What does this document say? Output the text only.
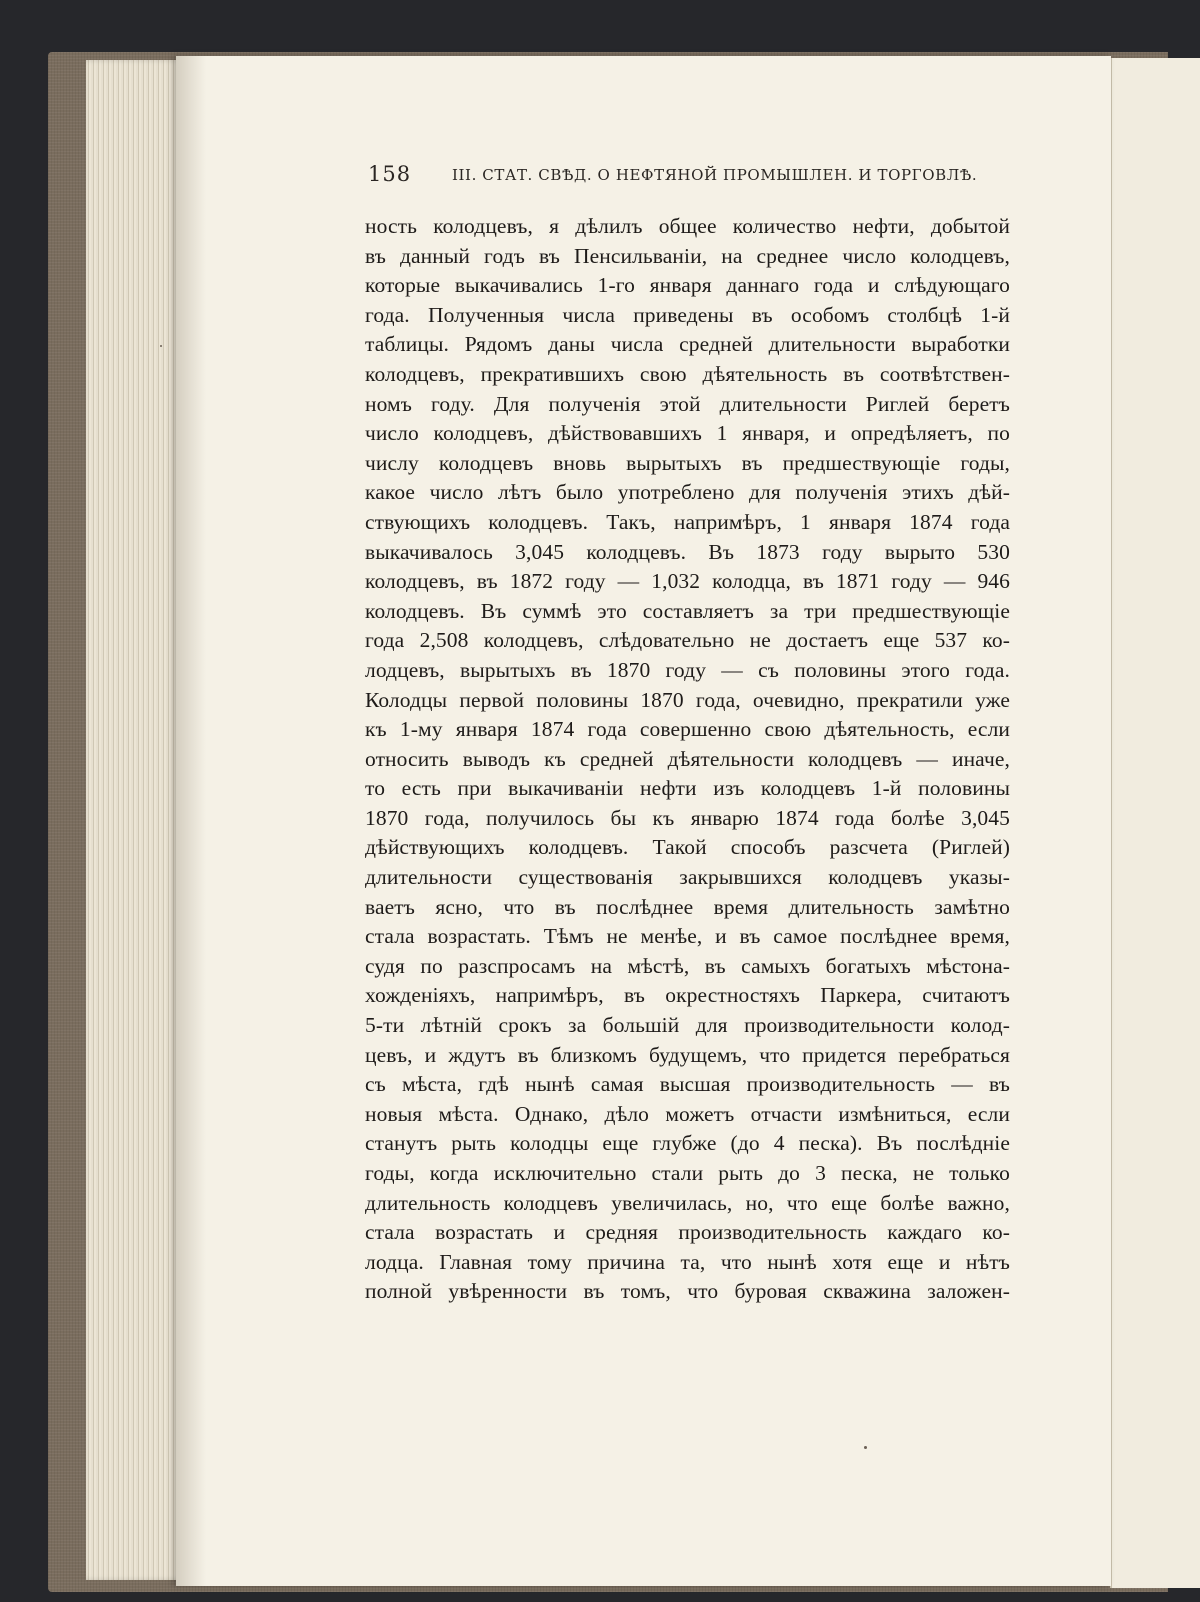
158	III. СТАТ. СВѢД. О НЕФТЯНОЙ ПРОМЫШЛЕН. И ТОРГОВЛѢ.
ность колодцевъ, я дѣлилъ общее количество нефти, добытой
въ данный годъ въ Пенсильваніи, на среднее число колодцевъ,
которые выкачивались 1-го января даннаго года и слѣдующаго
года. Полученныя числа приведены въ особомъ столбцѣ 1-й
таблицы. Рядомъ даны числа средней длительности выработки
колодцевъ, прекратившихъ свою дѣятельность въ соотвѣтствен-
номъ году. Для полученія этой длительности Риглей беретъ
число колодцевъ, дѣйствовавшихъ 1 января, и опредѣляетъ, по
числу колодцевъ вновь вырытыхъ въ предшествующіе годы,
какое число лѣтъ было употреблено для полученія этихъ дѣй-
ствующихъ колодцевъ. Такъ, напримѣръ, 1 января 1874 года
выкачивалось 3,045 колодцевъ. Въ 1873 году вырыто 530
колодцевъ, въ 1872 году — 1,032 колодца, въ 1871 году — 946
колодцевъ. Въ суммѣ это составляетъ за три предшествующіе
года 2,508 колодцевъ, слѣдовательно не достаетъ еще 537 ко-
лодцевъ, вырытыхъ въ 1870 году — съ половины этого года.
Колодцы первой половины 1870 года, очевидно, прекратили уже
къ 1-му января 1874 года совершенно свою дѣятельность, если
относить выводъ къ средней дѣятельности колодцевъ — иначе,
то есть при выкачиваніи нефти изъ колодцевъ 1-й половины
1870 года, получилось бы къ январю 1874 года болѣе 3,045
дѣйствующихъ колодцевъ. Такой способъ разсчета (Риглей)
длительности существованія закрывшихся колодцевъ указы-
ваетъ ясно, что въ послѣднее время длительность замѣтно
стала возрастать. Тѣмъ не менѣе, и въ самое послѣднее время,
судя по разспросамъ на мѣстѣ, въ самыхъ богатыхъ мѣстона-
хожденіяхъ, напримѣръ, въ окрестностяхъ Паркера, считаютъ
5-ти лѣтній срокъ за большій для производительности колод-
цевъ, и ждутъ въ близкомъ будущемъ, что придется перебраться
съ мѣста, гдѣ нынѣ самая высшая производительность — въ
новыя мѣста. Однако, дѣло можетъ отчасти измѣниться, если
станутъ рыть колодцы еще глубже (до 4 песка). Въ послѣдніе
годы, когда исключительно стали рыть до 3 песка, не только
длительность колодцевъ увеличилась, но, что еще болѣе важно,
стала возрастать и средняя производительность каждаго ко-
лодца. Главная тому причина та, что нынѣ хотя еще и нѣтъ
полной увѣренности въ томъ, что буровая скважина заложен-
